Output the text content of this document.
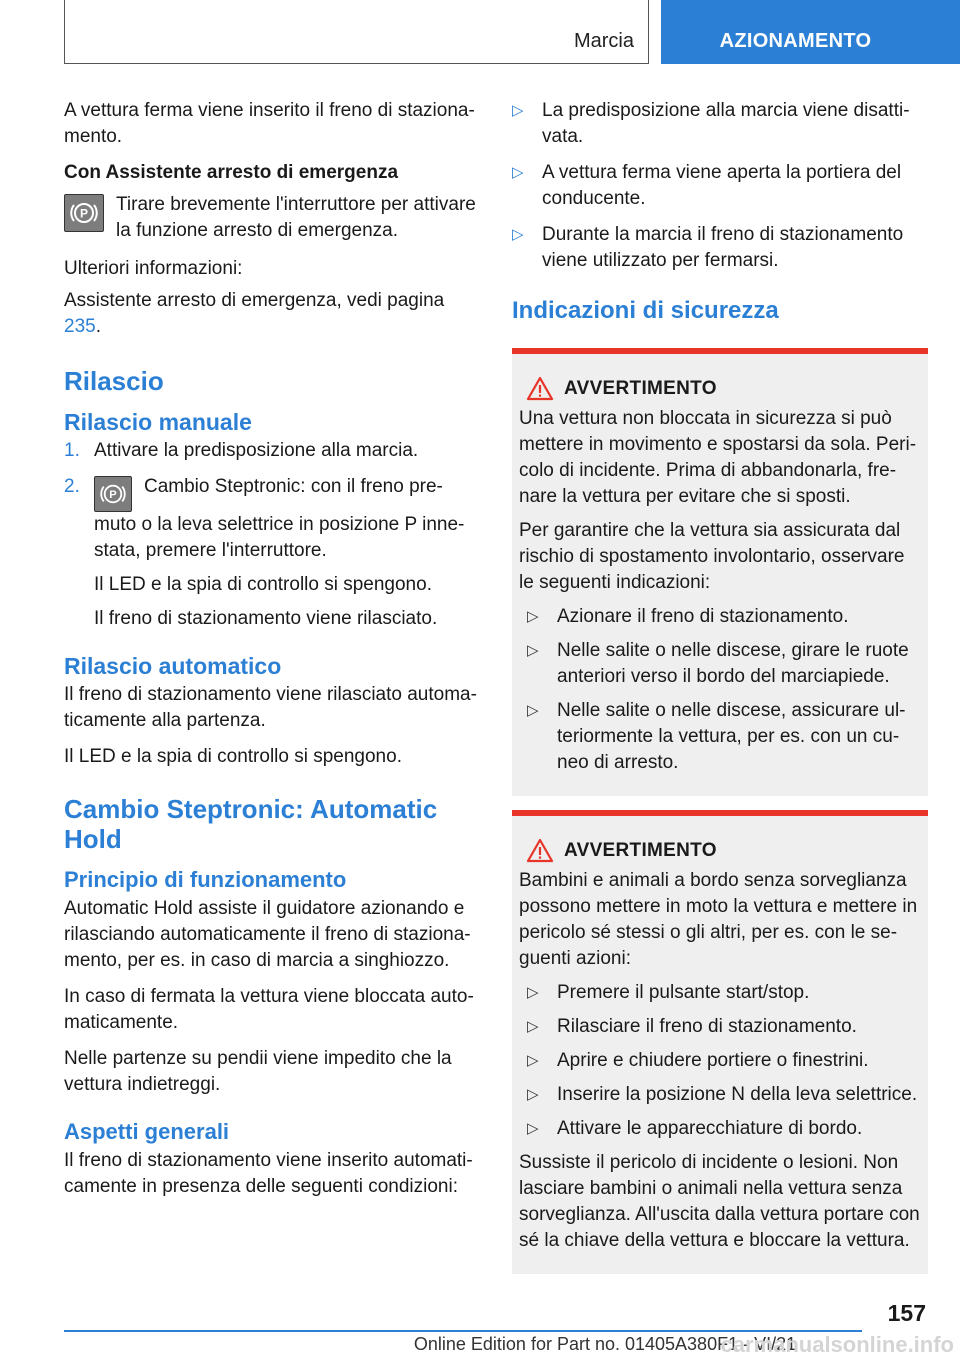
Marcia	AZIONAMENTO

A vettura ferma viene inserito il freno di stazionamento.

Con Assistente arresto di emergenza

P Tirare brevemente l'interruttore per attivare la funzione arresto di emergenza.

Ulteriori informazioni:

Assistente arresto di emergenza, vedi pagina 235.

Rilascio
Rilascio manuale
1. Attivare la predisposizione alla marcia.
2.	P Cambio Steptronic: con il freno premuto o la leva selettrice in posizione P innestata, premere l'interruttore.

Il LED e la spia di controllo si spengono.

Il freno di stazionamento viene rilasciato.

Rilascio automatico

Il freno di stazionamento viene rilasciato automaticamente alla partenza.

Il LED e la spia di controllo si spengono.

Cambio Steptronic: Automatic Hold
Principio di funzionamento

Automatic Hold assiste il guidatore azionando e rilasciando automaticamente il freno di stazionamento, per es. in caso di marcia a singhiozzo.

In caso di fermata la vettura viene bloccata automaticamente.

Nelle partenze su pendii viene impedito che la vettura indietreggi.

Aspetti generali

Il freno di stazionamento viene inserito automaticamente in presenza delle seguenti condizioni:

▷ La predisposizione alla marcia viene disattivata.
▷ A vettura ferma viene aperta la portiera del conducente.
▷ Durante la marcia il freno di stazionamento viene utilizzato per fermarsi.
Indicazioni di sicurezza
AVVERTIMENTO

Una vettura non bloccata in sicurezza si può mettere in movimento e spostarsi da sola. Pericolo di incidente. Prima di abbandonarla, frenare la vettura per evitare che si sposti.

Per garantire che la vettura sia assicurata dal rischio di spostamento involontario, osservare le seguenti indicazioni:

▷ Azionare il freno di stazionamento.
▷ Nelle salite o nelle discese, girare le ruote anteriori verso il bordo del marciapiede.
▷ Nelle salite o nelle discese, assicurare ulteriormente la vettura, per es. con un cuneo di arresto.
AVVERTIMENTO

Bambini e animali a bordo senza sorveglianza possono mettere in moto la vettura e mettere in pericolo sé stessi o gli altri, per es. con le seguenti azioni:

▷ Premere il pulsante start/stop.
▷ Rilasciare il freno di stazionamento.
▷ Aprire e chiudere portiere o finestrini.
▷ Inserire la posizione N della leva selettrice.
▷ Attivare le apparecchiature di bordo.

Sussiste il pericolo di incidente o lesioni. Non lasciare bambini o animali nella vettura senza sorveglianza. All'uscita dalla vettura portare con sé la chiave della vettura e bloccare la vettura.

157
Online Edition for Part no. 01405A380F1 - VI/21
carmanualsonline.info
